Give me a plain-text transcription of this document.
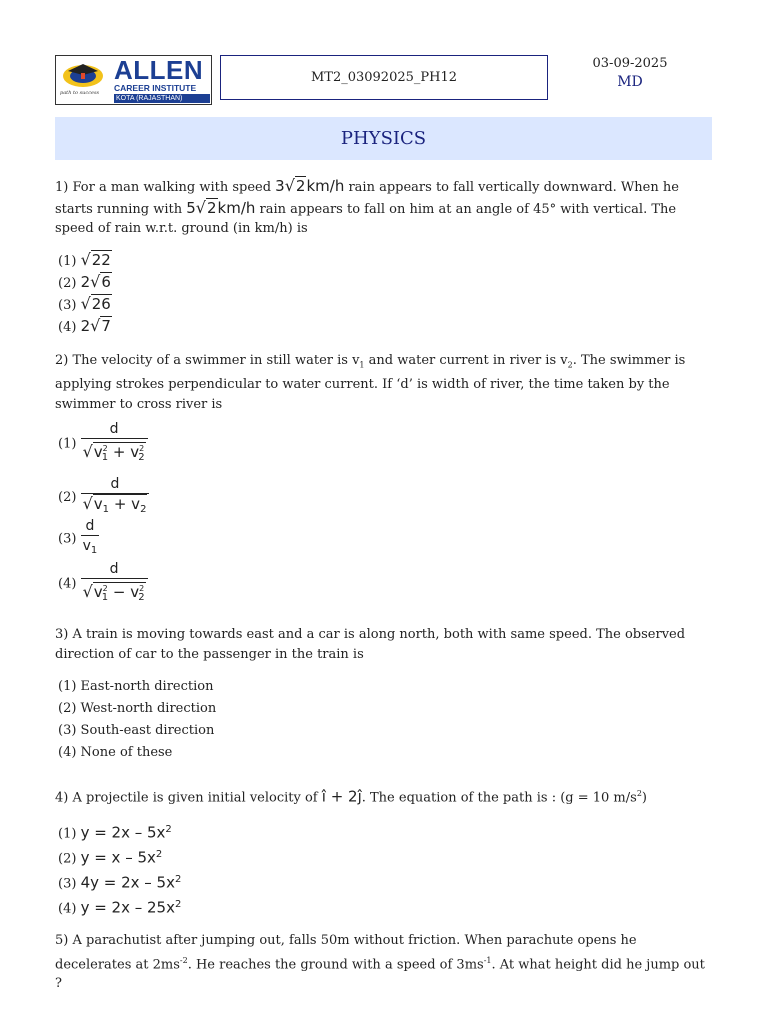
path to success
ALLEN
CAREER INSTITUTE
KOTA (RAJASTHAN)
MT2_03092025_PH12
03-09-2025
MD
PHYSICS
1) For a man walking with speed 3√2km/h rain appears to fall vertically downward. When he starts running with 5√2km/h rain appears to fall on him at an angle of 45° with vertical. The speed of rain w.r.t. ground (in km/h) is
(1) √22
(2) 2√6
(3) √26
(4) 2√7
2) The velocity of a swimmer in still water is $v_1$ and water current in river is $v_2$. The swimmer is applying strokes perpendicular to water current. If ‘d’ is width of river, the time taken by the swimmer to cross river is
$(1) \frac{d}{√v^2_1 + v^2_2}$
$(2) \frac{d}{√v_1 + v_2}$
$(3) \frac{d}{v_1}$
$(4) \frac{d}{√v^2_1 - v^2_2}$
3) A train is moving towards east and a car is along north, both with same speed. The observed direction of car to the passenger in the train is
(1) East-north direction
(2) West-north direction
(3) South-east direction
(4) None of these
4) A projectile is given initial velocity of î + 2ĵ. The equation of the path is : (g = 10 $m/s^2$)
(1) $y = 2x - 5x^2$
(2) $y = x - 5x^2$
(3) $4y = 2x - 5x^2$
(4) $y = 2x - 25x^2$
5) A parachutist after jumping out, falls 50m without friction. When parachute opens he decelerates at $2ms^{-2}$. He reaches the ground with a speed of $3ms^{-1}$. At what height did he jump out ?
